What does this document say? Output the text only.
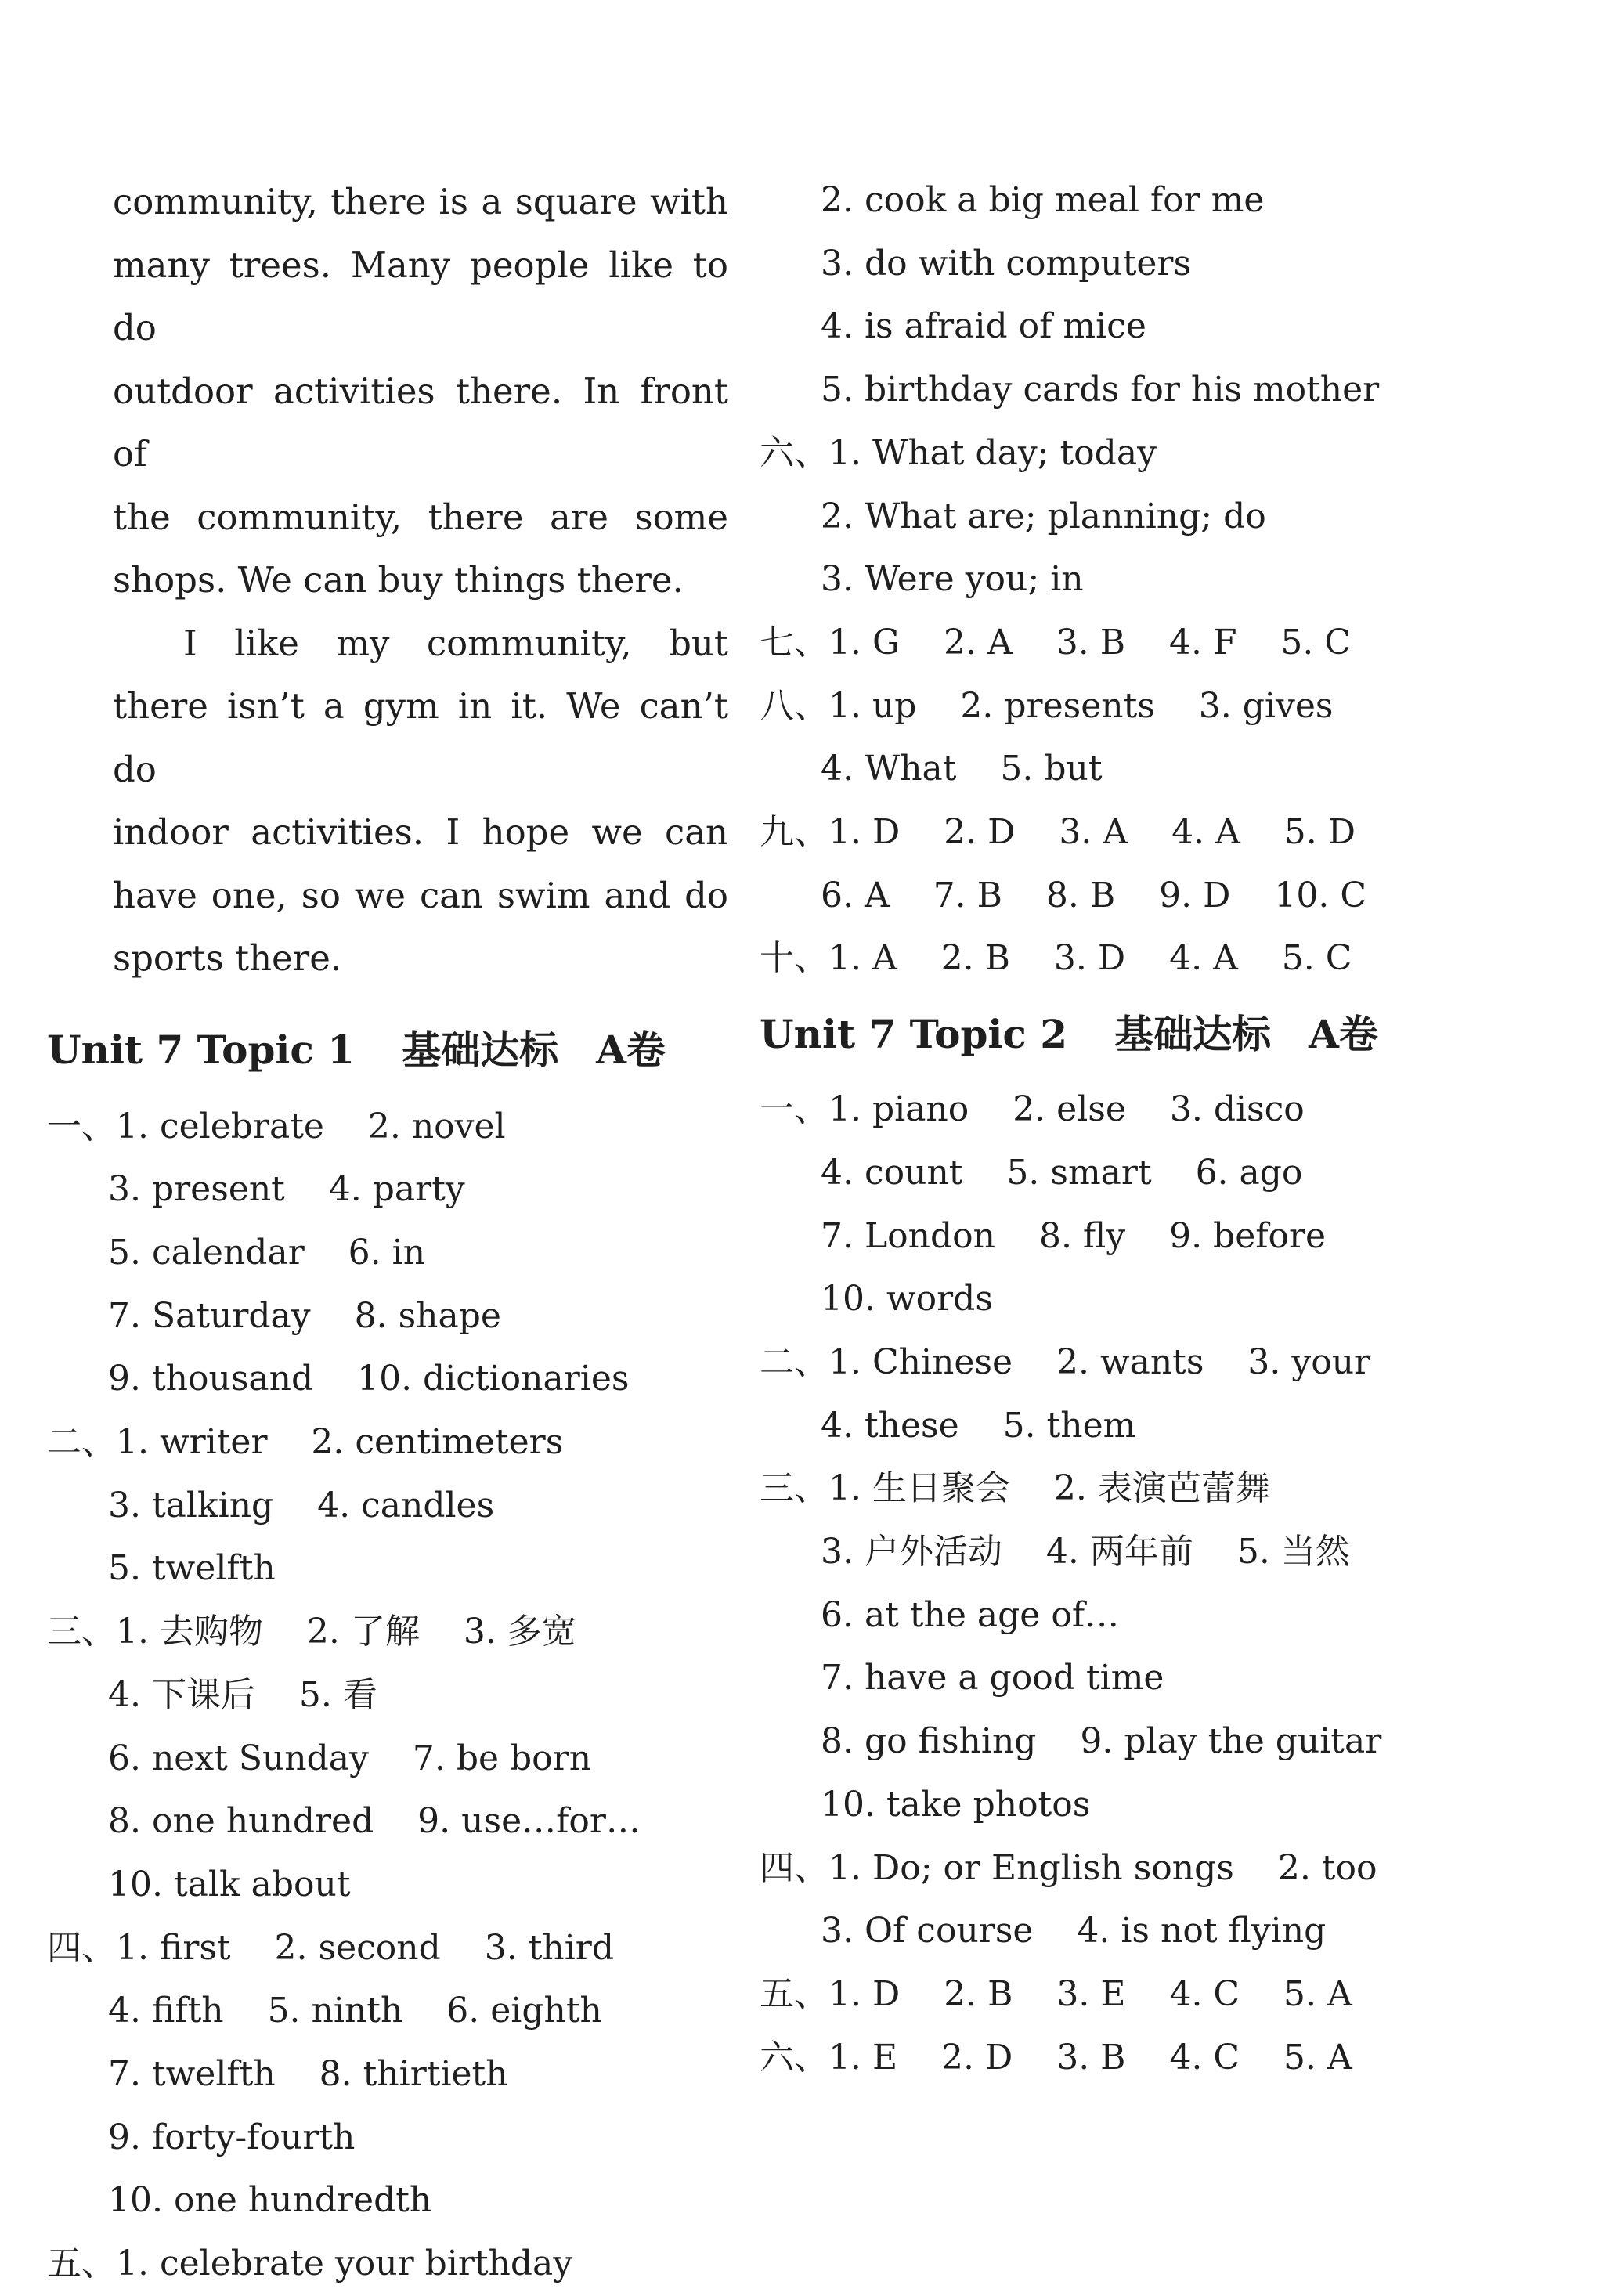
community, there is a square with
many trees. Many people like to do
outdoor activities there. In front of
the community, there are some
shops. We can buy things there.
I like my community, but
there isn’t a gym in it. We can’t do
indoor activities. I hope we can
have one, so we can swim and do
sports there.
Unit 7 Topic 1 基础达标 A卷
一、1. celebrate    2. novel
3. present    4. party
5. calendar    6. in
7. Saturday    8. shape
9. thousand    10. dictionaries
二、1. writer    2. centimeters
3. talking    4. candles
5. twelfth
三、1. 去购物    2. 了解    3. 多宽
4. 下课后    5. 看
6. next Sunday    7. be born
8. one hundred    9. use…for…
10. talk about
四、1. first    2. second    3. third
4. fifth    5. ninth    6. eighth
7. twelfth    8. thirtieth
9. forty-fourth
10. one hundredth
五、1. celebrate your birthday
2. cook a big meal for me
3. do with computers
4. is afraid of mice
5. birthday cards for his mother
六、1. What day; today
2. What are; planning; do
3. Were you; in
七、1. G    2. A    3. B    4. F    5. C
八、1. up    2. presents    3. gives
4. What    5. but
九、1. D    2. D    3. A    4. A    5. D
6. A    7. B    8. B    9. D    10. C
十、1. A    2. B    3. D    4. A    5. C
Unit 7 Topic 2 基础达标 A卷
一、1. piano    2. else    3. disco
4. count    5. smart    6. ago
7. London    8. fly    9. before
10. words
二、1. Chinese    2. wants    3. your
4. these    5. them
三、1. 生日聚会    2. 表演芭蕾舞
3. 户外活动    4. 两年前    5. 当然
6. at the age of…
7. have a good time
8. go fishing    9. play the guitar
10. take photos
四、1. Do; or English songs    2. too
3. Of course    4. is not flying
五、1. D    2. B    3. E    4. C    5. A
六、1. E    2. D    3. B    4. C    5. A
